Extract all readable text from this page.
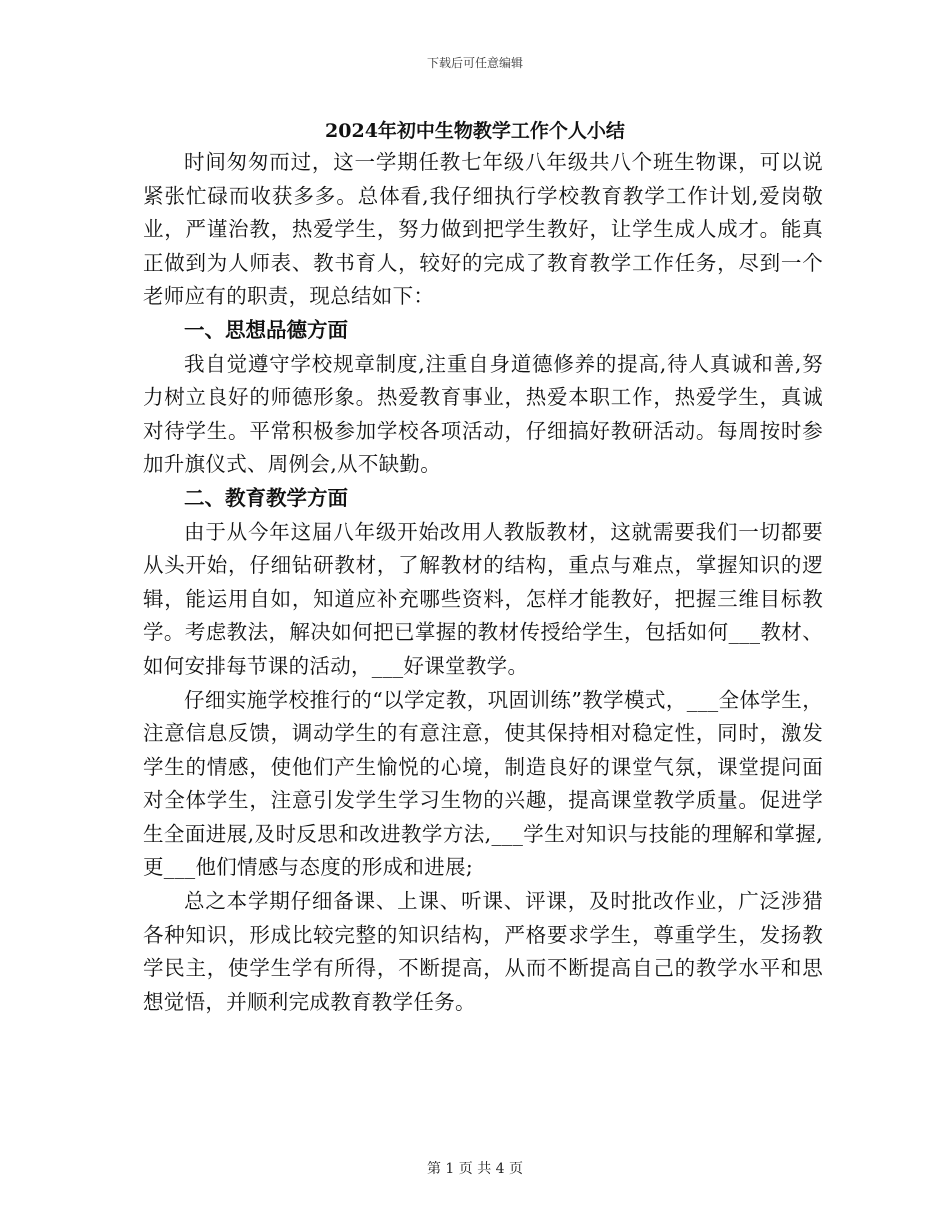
下载后可任意编辑
2024年初中生物教学工作个人小结

时间匆匆而过，这一学期任教七年级八年级共八个班生物课，可以说紧张忙碌而收获多多。总体看,我仔细执行学校教育教学工作计划,爱岗敬业，严谨治教，热爱学生，努力做到把学生教好，让学生成人成才。能真正做到为人师表、教书育人，较好的完成了教育教学工作任务，尽到一个老师应有的职责，现总结如下：

一、思想品德方面

我自觉遵守学校规章制度,注重自身道德修养的提高,待人真诚和善,努力树立良好的师德形象。热爱教育事业，热爱本职工作，热爱学生，真诚对待学生。平常积极参加学校各项活动，仔细搞好教研活动。每周按时参加升旗仪式、周例会,从不缺勤。

二、教育教学方面

由于从今年这届八年级开始改用人教版教材，这就需要我们一切都要从头开始，仔细钻研教材，了解教材的结构，重点与难点，掌握知识的逻辑，能运用自如，知道应补充哪些资料，怎样才能教好，把握三维目标教学。考虑教法，解决如何把已掌握的教材传授给学生，包括如何___教材、如何安排每节课的活动，___好课堂教学。

仔细实施学校推行的“以学定教，巩固训练”教学模式，___全体学生，注意信息反馈，调动学生的有意注意，使其保持相对稳定性，同时，激发学生的情感，使他们产生愉悦的心境，制造良好的课堂气氛，课堂提问面对全体学生，注意引发学生学习生物的兴趣，提高课堂教学质量。促进学生全面进展,及时反思和改进教学方法,___学生对知识与技能的理解和掌握,更___他们情感与态度的形成和进展;

总之本学期仔细备课、上课、听课、评课，及时批改作业，广泛涉猎各种知识，形成比较完整的知识结构，严格要求学生，尊重学生，发扬教学民主，使学生学有所得，不断提高，从而不断提高自己的教学水平和思想觉悟，并顺利完成教育教学任务。

第 1 页 共 4 页
